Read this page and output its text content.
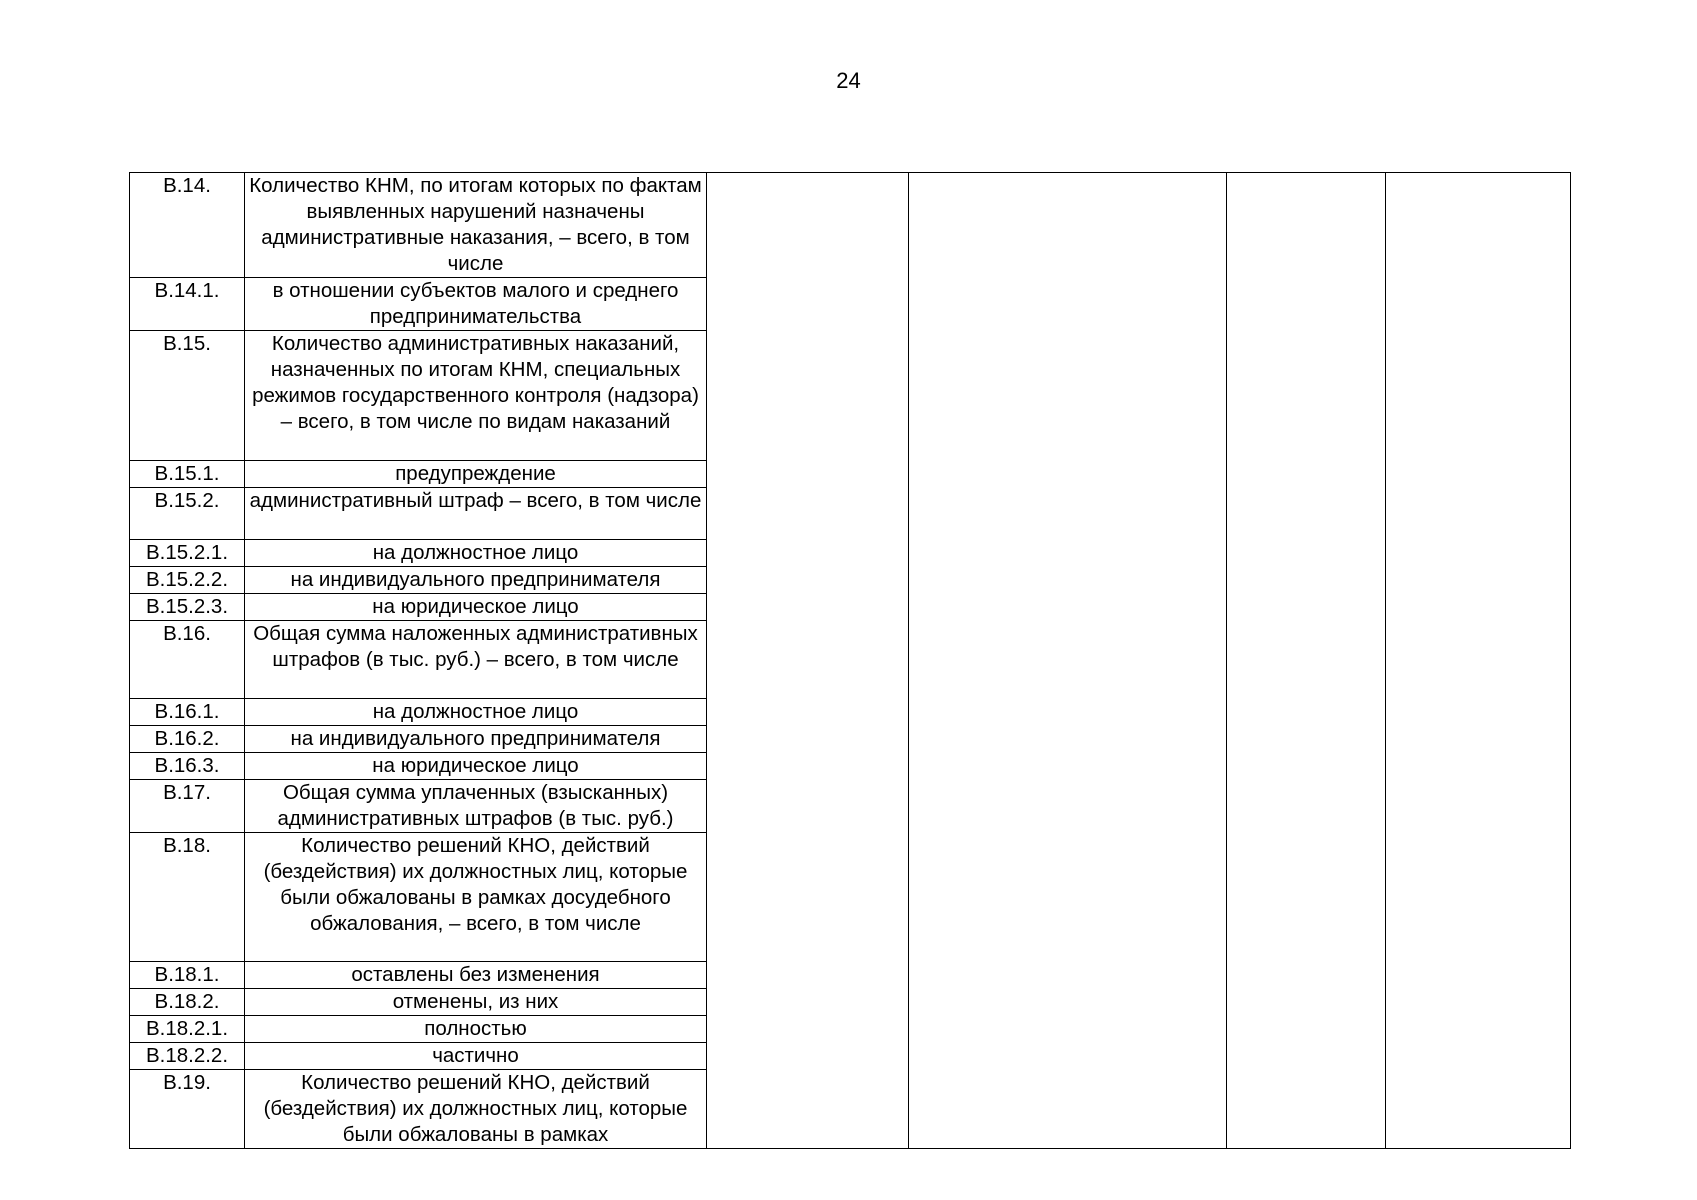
24
В.14.	Количество КНМ, по итогам которых по фактам выявленных нарушений назначены административные наказания, – всего, в том числе				
В.14.1.	в отношении субъектов малого и среднего предпринимательства				
В.15.	Количество административных наказаний, назначенных по итогам КНМ, специальных режимов государственного контроля (надзора) – всего, в том числе по видам наказаний				
В.15.1.	предупреждение				
В.15.2.	административный штраф – всего, в том числе				
В.15.2.1.	на должностное лицо				
В.15.2.2.	на индивидуального предпринимателя				
В.15.2.3.	на юридическое лицо				
В.16.	Общая сумма наложенных административных штрафов (в тыс. руб.) – всего, в том числе				
В.16.1.	на должностное лицо				
В.16.2.	на индивидуального предпринимателя				
В.16.3.	на юридическое лицо				
В.17.	Общая сумма уплаченных (взысканных) административных штрафов (в тыс. руб.)				
В.18.	Количество решений КНО, действий (бездействия) их должностных лиц, которые были обжалованы в рамках досудебного обжалования, – всего, в том числе				
В.18.1.	оставлены без изменения				
В.18.2.	отменены, из них				
В.18.2.1.	полностью				
В.18.2.2.	частично				
В.19.	Количество решений КНО, действий (бездействия) их должностных лиц, которые были обжалованы в рамках				
